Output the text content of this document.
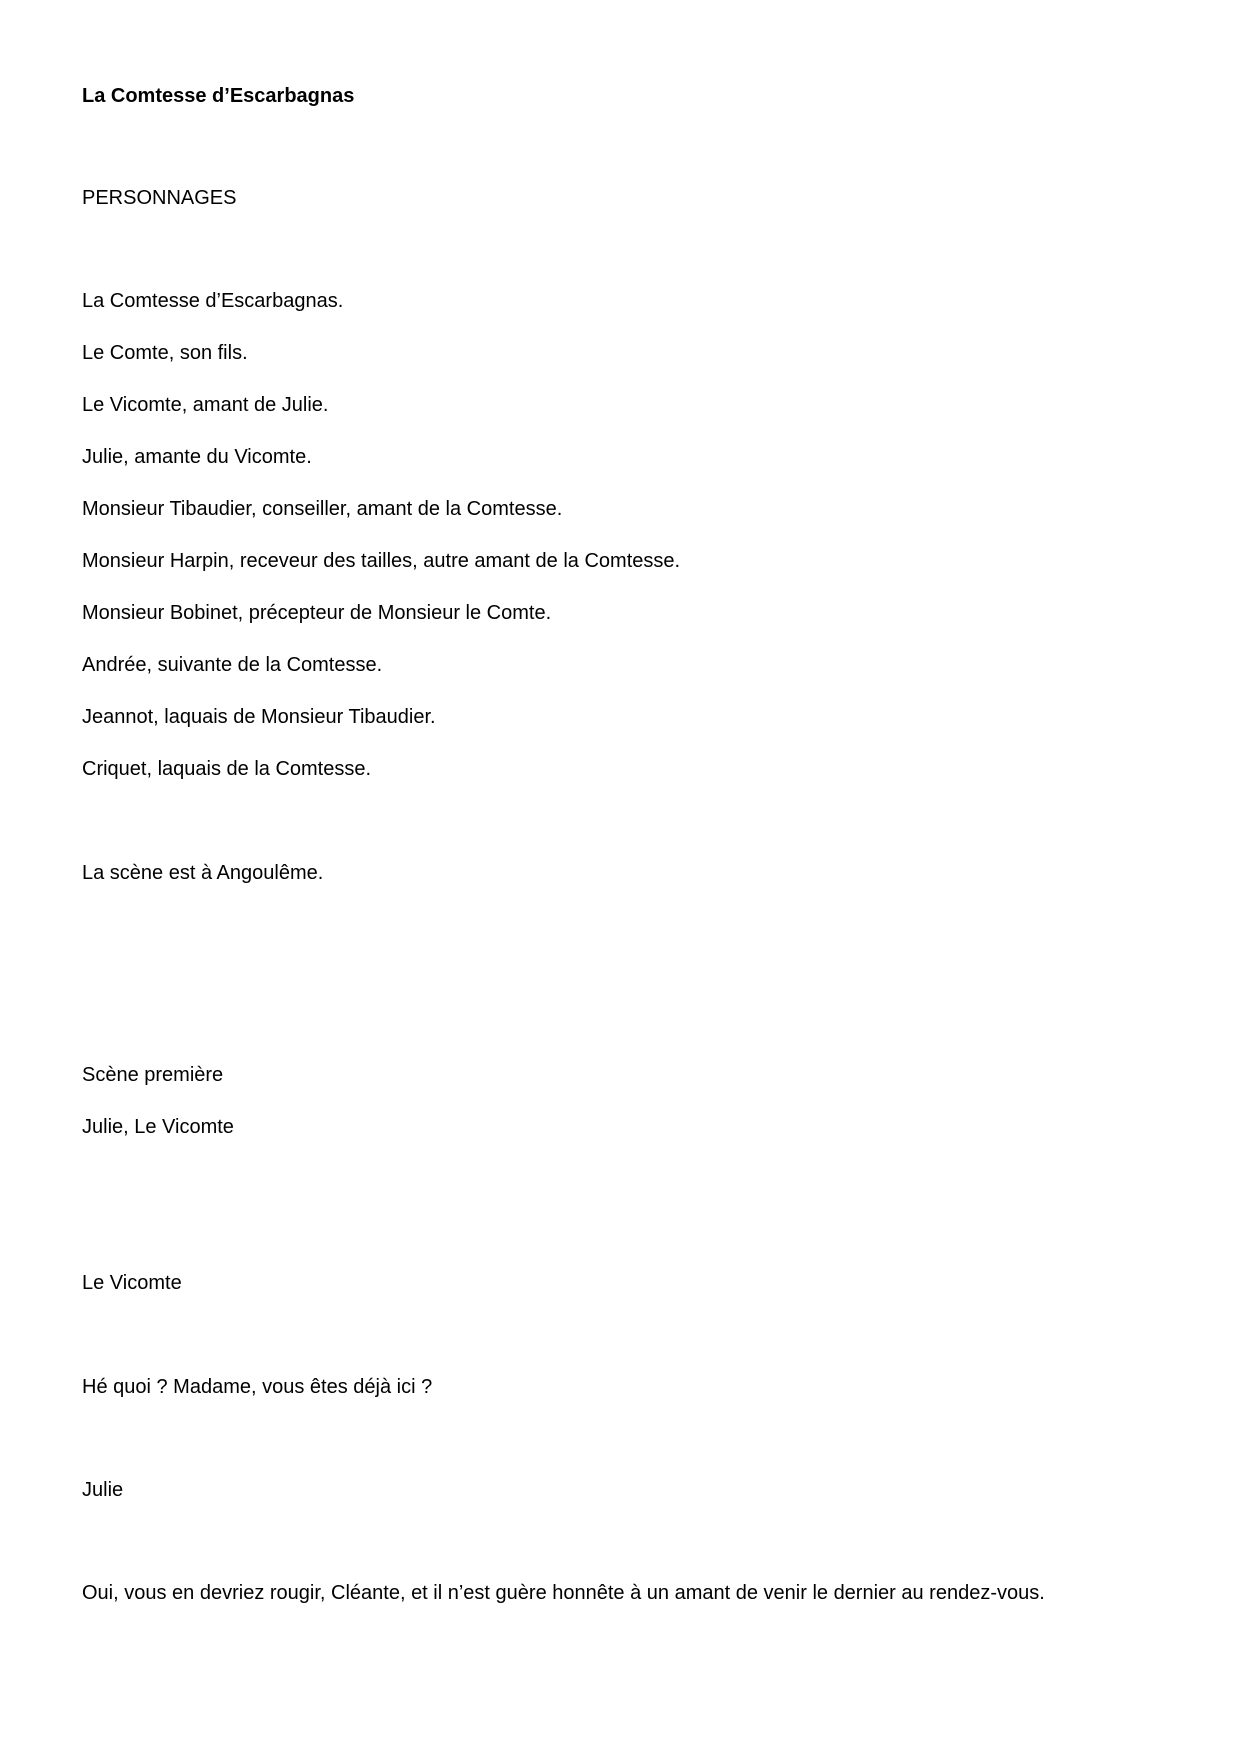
La Comtesse d’Escarbagnas
PERSONNAGES
La Comtesse d’Escarbagnas.
Le Comte, son fils.
Le Vicomte, amant de Julie.
Julie, amante du Vicomte.
Monsieur Tibaudier, conseiller, amant de la Comtesse.
Monsieur Harpin, receveur des tailles, autre amant de la Comtesse.
Monsieur Bobinet, précepteur de Monsieur le Comte.
Andrée, suivante de la Comtesse.
Jeannot, laquais de Monsieur Tibaudier.
Criquet, laquais de la Comtesse.
La scène est à Angoulême.
Scène première
Julie, Le Vicomte
Le Vicomte
Hé quoi ? Madame, vous êtes déjà ici ?
Julie
Oui, vous en devriez rougir, Cléante, et il n’est guère honnête à un amant de venir le dernier au rendez-vous.
